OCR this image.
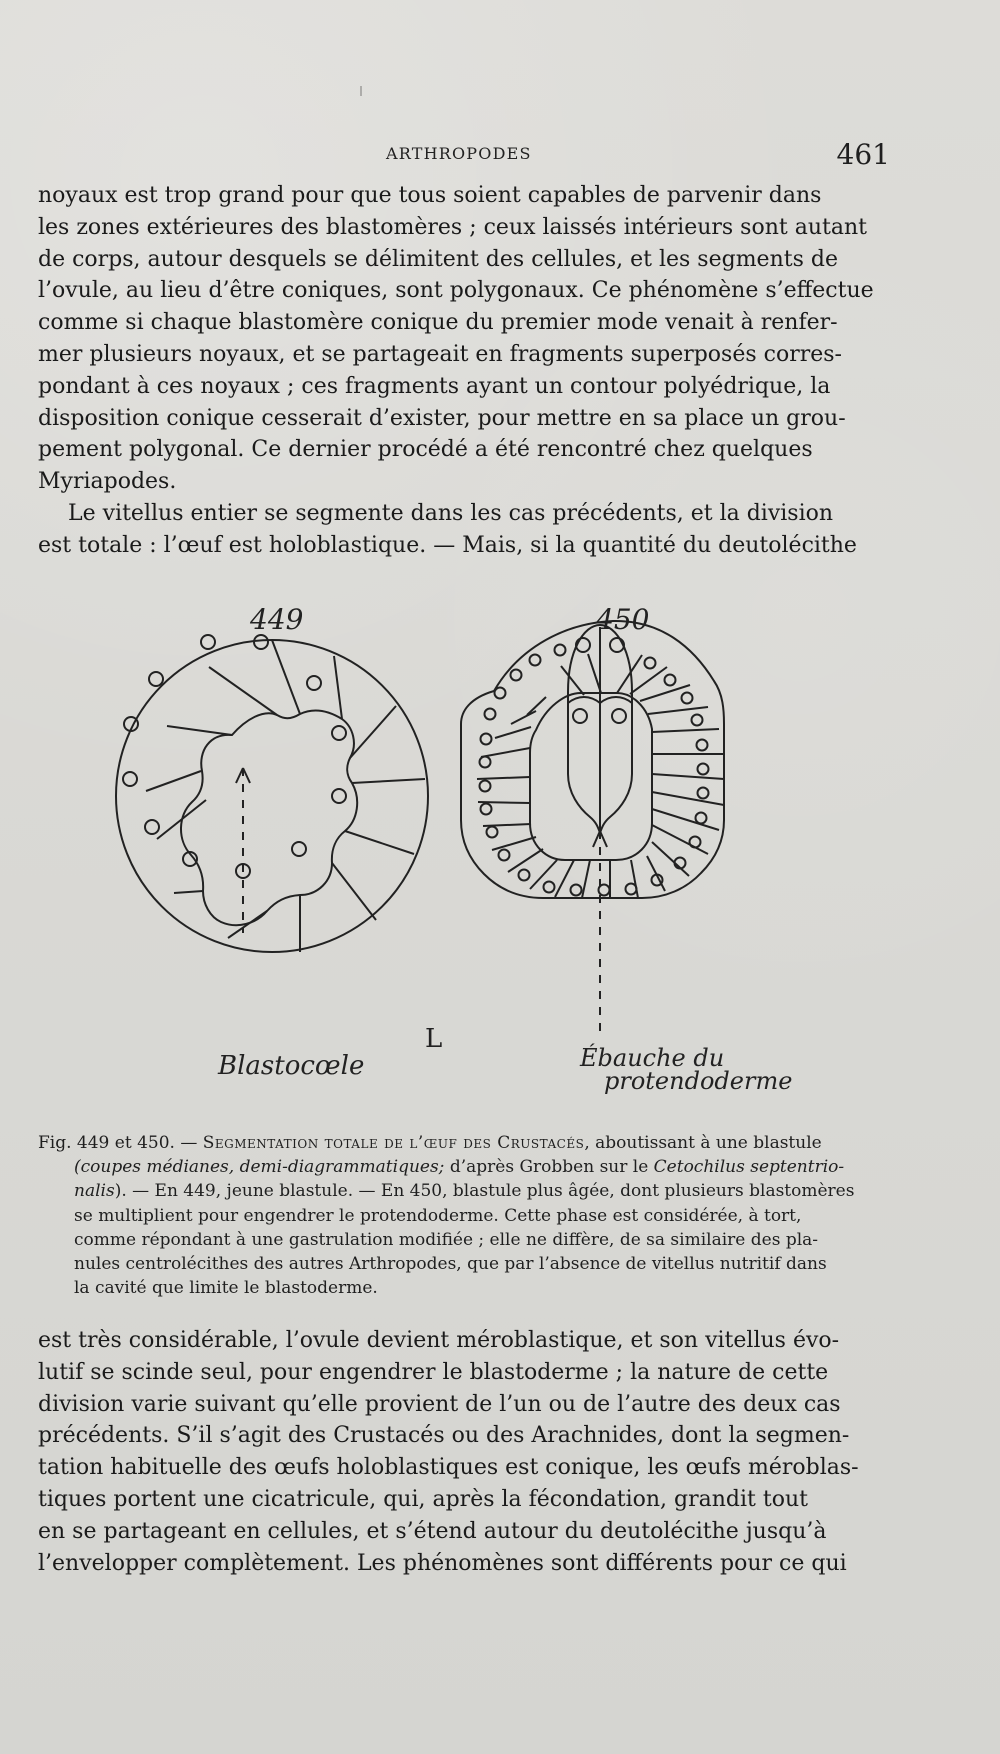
ARTHROPODES	461
noyaux est trop grand pour que tous soient capables de parvenir dans
les zones extérieures des blastomères ; ceux laissés intérieurs sont autant
de corps, autour desquels se délimitent des cellules, et les segments de
l’ovule, au lieu d’être coniques, sont polygonaux. Ce phénomène s’effectue
comme si chaque blastomère conique du premier mode venait à renfer-
mer plusieurs noyaux, et se partageait en fragments superposés corres-
pondant à ces noyaux ; ces fragments ayant un contour polyédrique, la
disposition conique cesserait d’exister, pour mettre en sa place un grou-
pement polygonal. Ce dernier procédé a été rencontré chez quelques
Myriapodes.
Le vitellus entier se segmente dans les cas précédents, et la division
est totale : l’œuf est holoblastique. — Mais, si la quantité du deutolécithe
449	450
Blastocœle
L
Ébauche du
protendoderme
Fig. 449 et 450. — Segmentation totale de l’œuf des Crustacés, aboutissant à une blastule
(coupes médianes, demi-diagrammatiques; d’après Grobben sur le Cetochilus septentrio-
nalis). — En 449, jeune blastule. — En 450, blastule plus âgée, dont plusieurs blastomères
se multiplient pour engendrer le protendoderme. Cette phase est considérée, à tort,
comme répondant à une gastrulation modifiée ; elle ne diffère, de sa similaire des pla-
nules centrolécithes des autres Arthropodes, que par l’absence de vitellus nutritif dans
la cavité que limite le blastoderme.
est très considérable, l’ovule devient méroblastique, et son vitellus évo-
lutif se scinde seul, pour engendrer le blastoderme ; la nature de cette
division varie suivant qu’elle provient de l’un ou de l’autre des deux cas
précédents. S’il s’agit des Crustacés ou des Arachnides, dont la segmen-
tation habituelle des œufs holoblastiques est conique, les œufs méroblas-
tiques portent une cicatricule, qui, après la fécondation, grandit tout
en se partageant en cellules, et s’étend autour du deutolécithe jusqu’à
l’envelopper complètement. Les phénomènes sont différents pour ce qui
